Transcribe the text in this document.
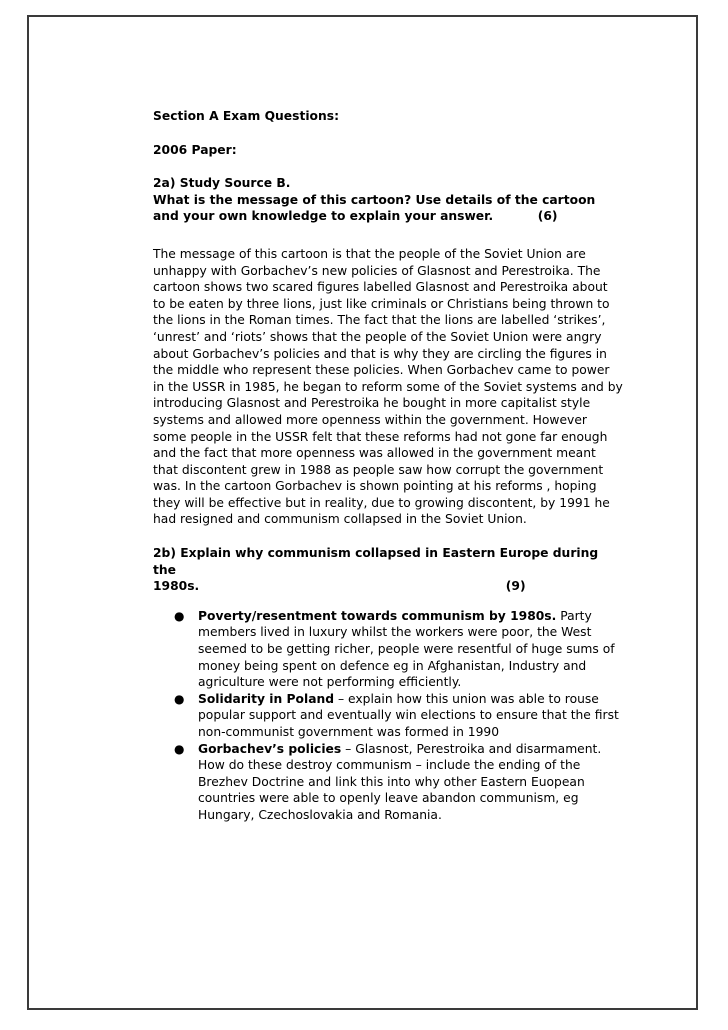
Section A Exam Questions:

2006 Paper:

2a) Study Source B.

What is the message of this cartoon? Use details of the cartoon and your own knowledge to explain your answer.	(6)

The message of this cartoon is that the people of the Soviet Union are unhappy with Gorbachev’s new policies of Glasnost and Perestroika. The cartoon shows two scared figures labelled Glasnost and Perestroika about to be eaten by three lions, just like criminals or Christians being thrown to the lions in the Roman times. The fact that the lions are labelled ‘strikes’, ‘unrest’ and ‘riots’ shows that the people of the Soviet Union were angry about Gorbachev’s policies and that is why they are circling the figures in the middle who represent these policies. When Gorbachev came to power in the USSR in 1985, he began to reform some of the Soviet systems and by introducing Glasnost and Perestroika he bought in more capitalist style systems and allowed more openness within the government. However some people in the USSR felt that these reforms had not gone far enough and the fact that more openness was allowed in the government meant that discontent grew in 1988 as people saw how corrupt the government was. In the cartoon Gorbachev is shown pointing at his reforms , hoping they will be effective but in reality, due to growing discontent, by 1991 he had resigned and communism collapsed in the Soviet Union.

2b) Explain why communism collapsed in Eastern Europe during the

1980s.	(9)

● Poverty/resentment towards communism by 1980s. Party members lived in luxury whilst the workers were poor, the West seemed to be getting richer, people were resentful of huge sums of money being spent on defence eg in Afghanistan, Industry and agriculture were not performing efficiently.
● Solidarity in Poland – explain how this union was able to rouse popular support and eventually win elections to ensure that the first non-communist government was formed in 1990
● Gorbachev’s policies – Glasnost, Perestroika and disarmament. How do these destroy communism – include the ending of the Brezhev Doctrine and link this into why other Eastern Euopean countries were able to openly leave abandon communism, eg Hungary, Czechoslovakia and Romania.
